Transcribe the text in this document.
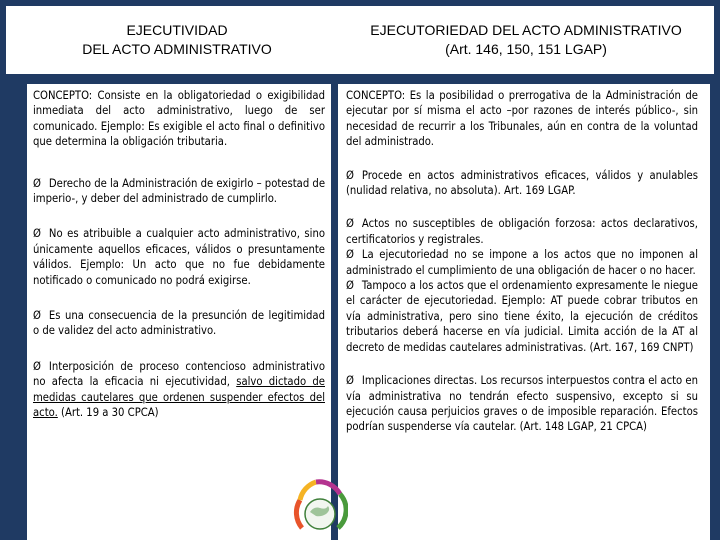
EJECUTIVIDAD
DEL ACTO ADMINISTRATIVO
EJECUTORIEDAD DEL ACTO ADMINISTRATIVO
(Art. 146, 150, 151 LGAP)

CONCEPTO: Consiste en la obligatoriedad o exigibilidad inmediata del acto administrativo, luego de ser comunicado. Ejemplo: Es exigible el acto final o definitivo que determina la obligación tributaria.

Ø Derecho de la Administración de exigirlo – potestad de imperio-, y deber del administrado de cumplirlo.

Ø No es atribuible a cualquier acto administrativo, sino únicamente aquellos eficaces, válidos o presuntamente válidos. Ejemplo: Un acto que no fue debidamente notificado o comunicado no podrá exigirse.

Ø Es una consecuencia de la presunción de legitimidad o de validez del acto administrativo.

Ø Interposición de proceso contencioso administrativo no afecta la eficacia ni ejecutividad, salvo dictado de medidas cautelares que ordenen suspender efectos del acto. (Art. 19 a 30 CPCA)

CONCEPTO: Es la posibilidad o prerrogativa de la Administración de ejecutar por sí misma el acto –por razones de interés público-, sin necesidad de recurrir a los Tribunales, aún en contra de la voluntad del administrado.

Ø Procede en actos administrativos eficaces, válidos y anulables (nulidad relativa, no absoluta). Art. 169 LGAP.

Ø Actos no susceptibles de obligación forzosa: actos declarativos, certificatorios y registrales.

Ø La ejecutoriedad no se impone a los actos que no imponen al administrado el cumplimiento de una obligación de hacer o no hacer.

Ø Tampoco a los actos que el ordenamiento expresamente le niegue el carácter de ejecutoriedad. Ejemplo: AT puede cobrar tributos en vía administrativa, pero sino tiene éxito, la ejecución de créditos tributarios deberá hacerse en vía judicial. Limita acción de la AT al decreto de medidas cautelares administrativas. (Art. 167, 169 CNPT)

Ø Implicaciones directas. Los recursos interpuestos contra el acto en vía administrativa no tendrán efecto suspensivo, excepto si su ejecución causa perjuicios graves o de imposible reparación. Efectos podrían suspenderse vía cautelar. (Art. 148 LGAP, 21 CPCA)
